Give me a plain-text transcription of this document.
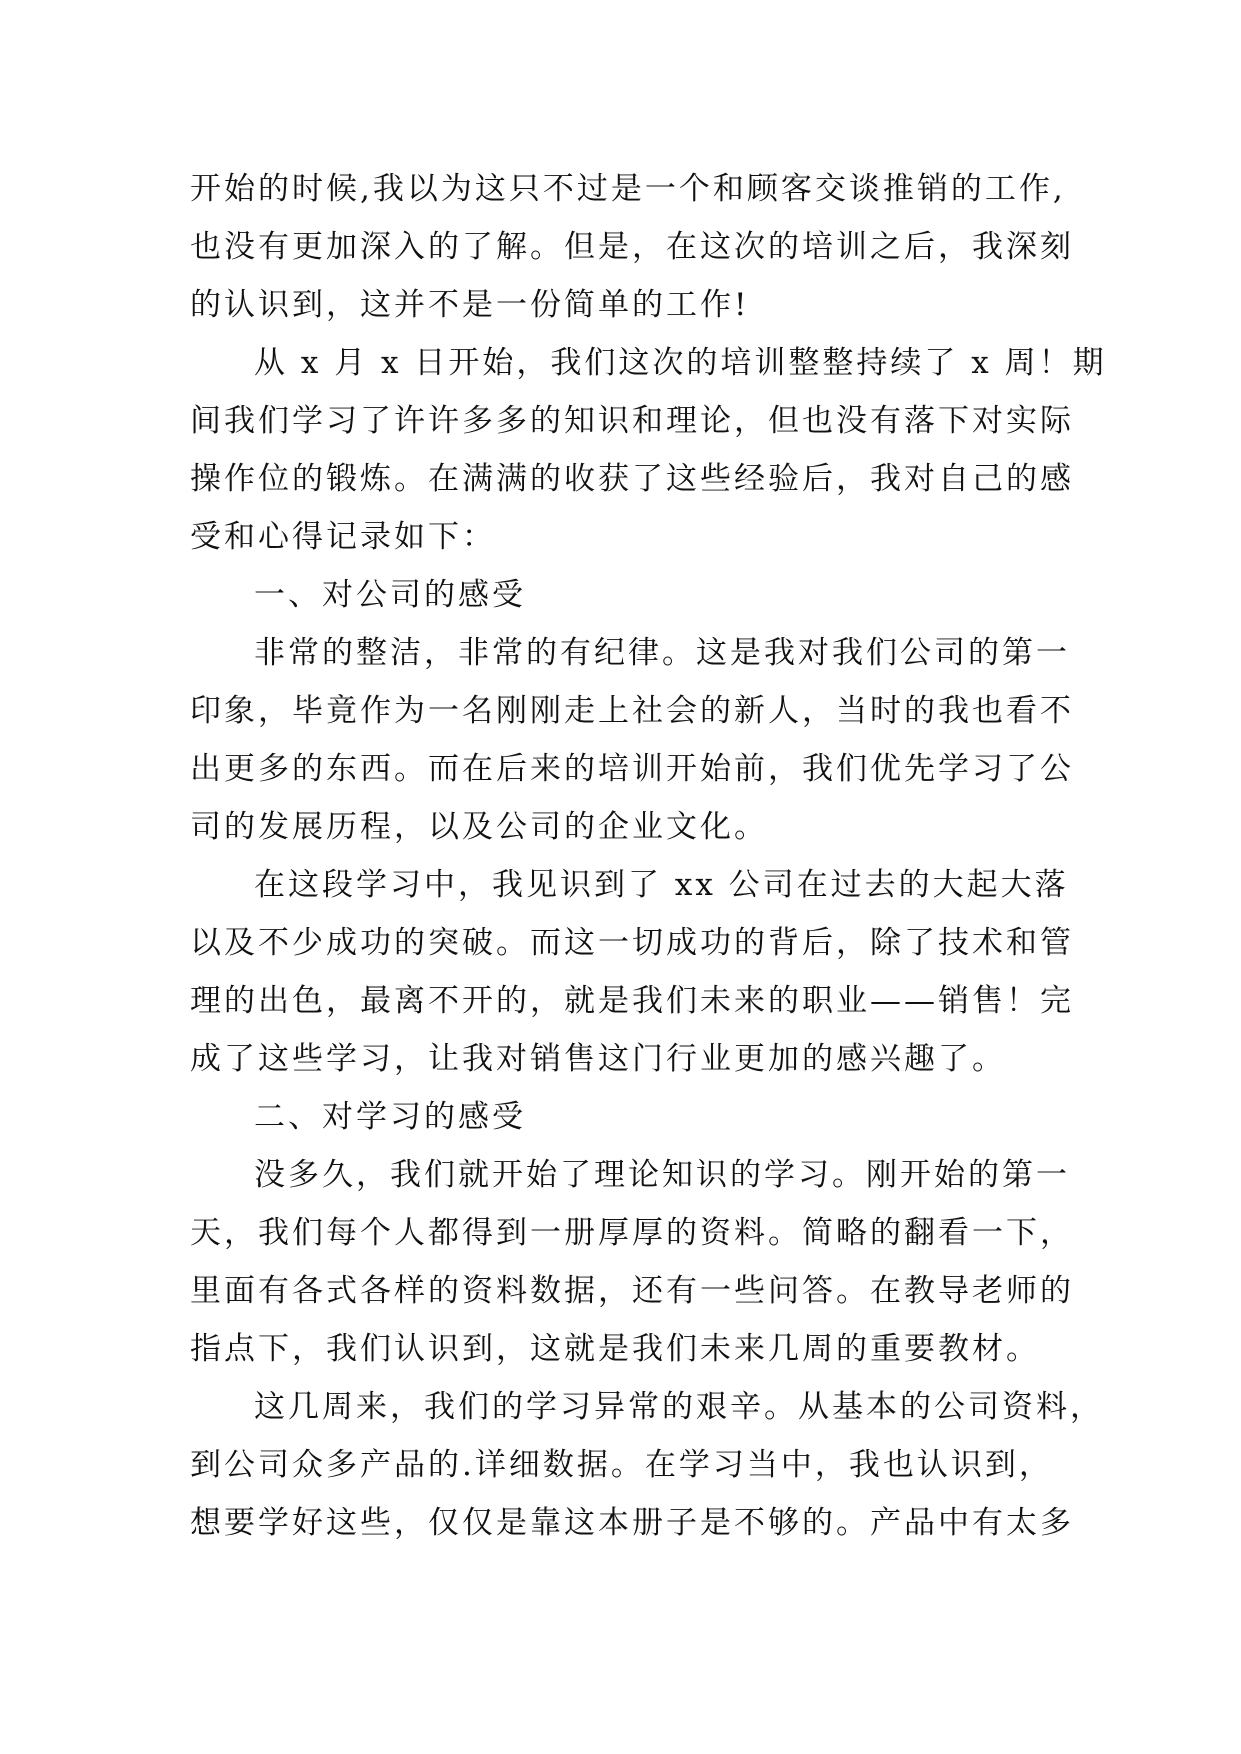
开始的时候,我以为这只不过是一个和顾客交谈推销的工作,
也没有更加深入的了解。但是，在这次的培训之后，我深刻
的认识到，这并不是一份简单的工作!
从 x 月 x 日开始，我们这次的培训整整持续了 x 周！期
间我们学习了许许多多的知识和理论，但也没有落下对实际
操作位的锻炼。在满满的收获了这些经验后，我对自己的感
受和心得记录如下：
一、对公司的感受
非常的整洁，非常的有纪律。这是我对我们公司的第一
印象，毕竟作为一名刚刚走上社会的新人，当时的我也看不
出更多的东西。而在后来的培训开始前，我们优先学习了公
司的发展历程，以及公司的企业文化。
在这段学习中，我见识到了 xx 公司在过去的大起大落
以及不少成功的突破。而这一切成功的背后，除了技术和管
理的出色，最离不开的，就是我们未来的职业——销售！完
成了这些学习，让我对销售这门行业更加的感兴趣了。
二、对学习的感受
没多久，我们就开始了理论知识的学习。刚开始的第一
天，我们每个人都得到一册厚厚的资料。简略的翻看一下，
里面有各式各样的资料数据，还有一些问答。在教导老师的
指点下，我们认识到，这就是我们未来几周的重要教材。
这几周来，我们的学习异常的艰辛。从基本的公司资料，
到公司众多产品的.详细数据。在学习当中，我也认识到，
想要学好这些，仅仅是靠这本册子是不够的。产品中有太多
